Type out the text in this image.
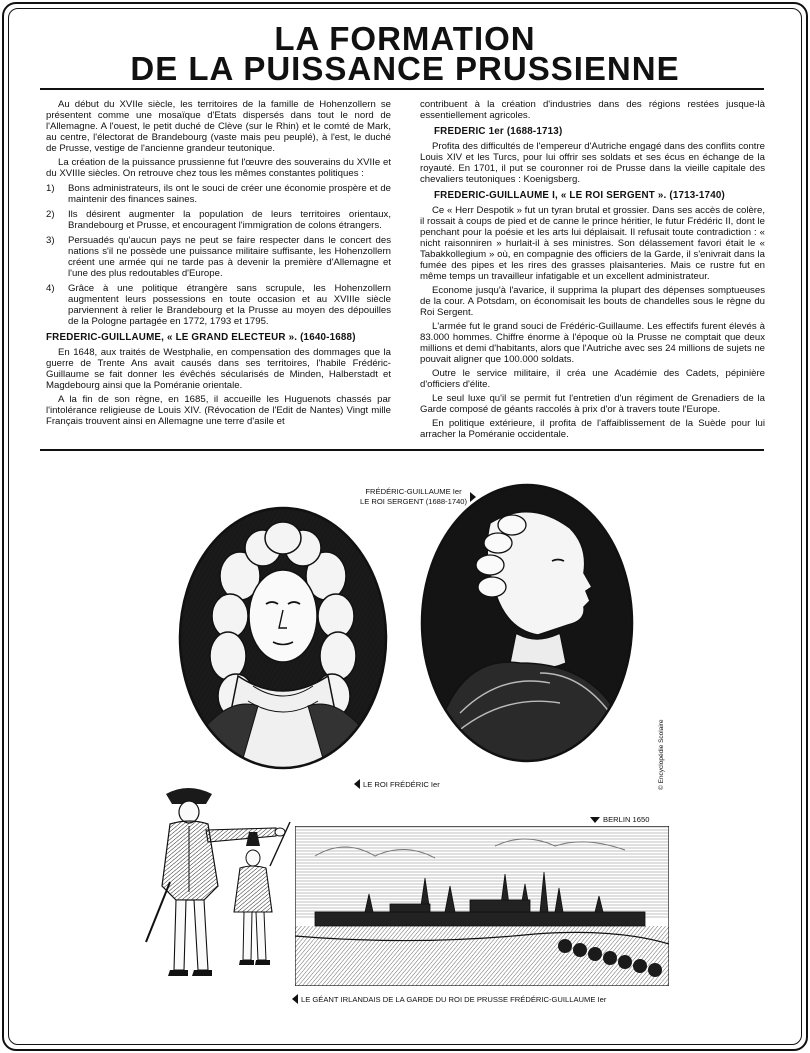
LA FORMATION
DE LA PUISSANCE PRUSSIENNE

Au début du XVIIe siècle, les territoires de la famille de Hohenzollern se présentent comme une mosaïque d'Etats dispersés dans tout le nord de l'Allemagne. A l'ouest, le petit duché de Clève (sur le Rhin) et le comté de Mark, au centre, l'électorat de Brandebourg (vaste mais peu peuplé), à l'est, le duché de Prusse, vestige de l'ancienne grandeur teutonique.

La création de la puissance prussienne fut l'œuvre des souverains du XVIIe et du XVIIIe siècles. On retrouve chez tous les mêmes constantes politiques :

1) Bons administrateurs, ils ont le souci de créer une économie prospère et de maintenir des finances saines.
2) Ils désirent augmenter la population de leurs territoires orientaux, Brandebourg et Prusse, et encouragent l'immigration de colons étrangers.
3) Persuadés qu'aucun pays ne peut se faire respecter dans le concert des nations s'il ne possède une puissance militaire suffisante, les Hohenzollern créent une armée qui ne tarde pas à devenir la première d'Allemagne et l'une des plus redoutables d'Europe.
4) Grâce à une politique étrangère sans scrupule, les Hohenzollern augmentent leurs possessions en toute occasion et au XVIIIe siècle parviennent à relier le Brandebourg et la Prusse au moyen des dépouilles de la Pologne partagée en 1772, 1793 et 1795.
FREDERIC-GUILLAUME, « LE GRAND ELECTEUR ». (1640-1688)

En 1648, aux traités de Westphalie, en compensation des dommages que la guerre de Trente Ans avait causés dans ses territoires, l'habile Frédéric-Guillaume se fait donner les évêchés sécularisés de Minden, Halberstadt et Magdebourg ainsi que la Poméranie orientale.

A la fin de son règne, en 1685, il accueille les Huguenots chassés par l'intolérance religieuse de Louis XIV. (Révocation de l'Edit de Nantes) Vingt mille Français trouvent ainsi en Allemagne une terre d'asile et

contribuent à la création d'industries dans des régions restées jusque-là essentiellement agricoles.

FREDERIC 1er (1688-1713)

Profita des difficultés de l'empereur d'Autriche engagé dans des conflits contre Louis XIV et les Turcs, pour lui offrir ses soldats et ses écus en échange de la royauté. En 1701, il put se couronner roi de Prusse dans la vieille capitale des chevaliers teutoniques : Koenigsberg.

FREDERIC-GUILLAUME I, « LE ROI SERGENT ». (1713-1740)

Ce « Herr Despotik » fut un tyran brutal et grossier. Dans ses accès de colère, il rossait à coups de pied et de canne le prince héritier, le futur Frédéric II, dont le penchant pour la poésie et les arts lui déplaisait. Il refusait toute contradiction : « nicht raisonniren » hurlait-il à ses ministres. Son délassement favori était le « Tabakkollegium » où, en compagnie des officiers de la Garde, il s'enivrait dans la fumée des pipes et les rires des grasses plaisanteries. Mais ce rustre fut en même temps un travailleur infatigable et un excellent administrateur.

Econome jusqu'à l'avarice, il supprima la plupart des dépenses somptueuses de la cour. A Potsdam, on économisait les bouts de chandelles sous le règne du Roi Sergent.

L'armée fut le grand souci de Frédéric-Guillaume. Les effectifs furent élevés à 83.000 hommes. Chiffre énorme à l'époque où la Prusse ne comptait que deux millions et demi d'habitants, alors que l'Autriche avec ses 24 millions de sujets ne pouvait aligner que 100.000 soldats.

Outre le service militaire, il créa une Académie des Cadets, pépinière d'officiers d'élite.

Le seul luxe qu'il se permit fut l'entretien d'un régiment de Grenadiers de la Garde composé de géants raccolés à prix d'or à travers toute l'Europe.

En politique extérieure, il profita de l'affaiblissement de la Suède pour lui arracher la Poméranie occidentale.

FRÉDÉRIC-GUILLAUME Ier
LE ROI SERGENT (1688-1740)
LE ROI FRÉDÉRIC Ier	© Encyclopédie Scolaire
BERLIN 1650
LE GÉANT IRLANDAIS DE LA GARDE DU ROI DE PRUSSE FRÉDÉRIC-GUILLAUME Ier
